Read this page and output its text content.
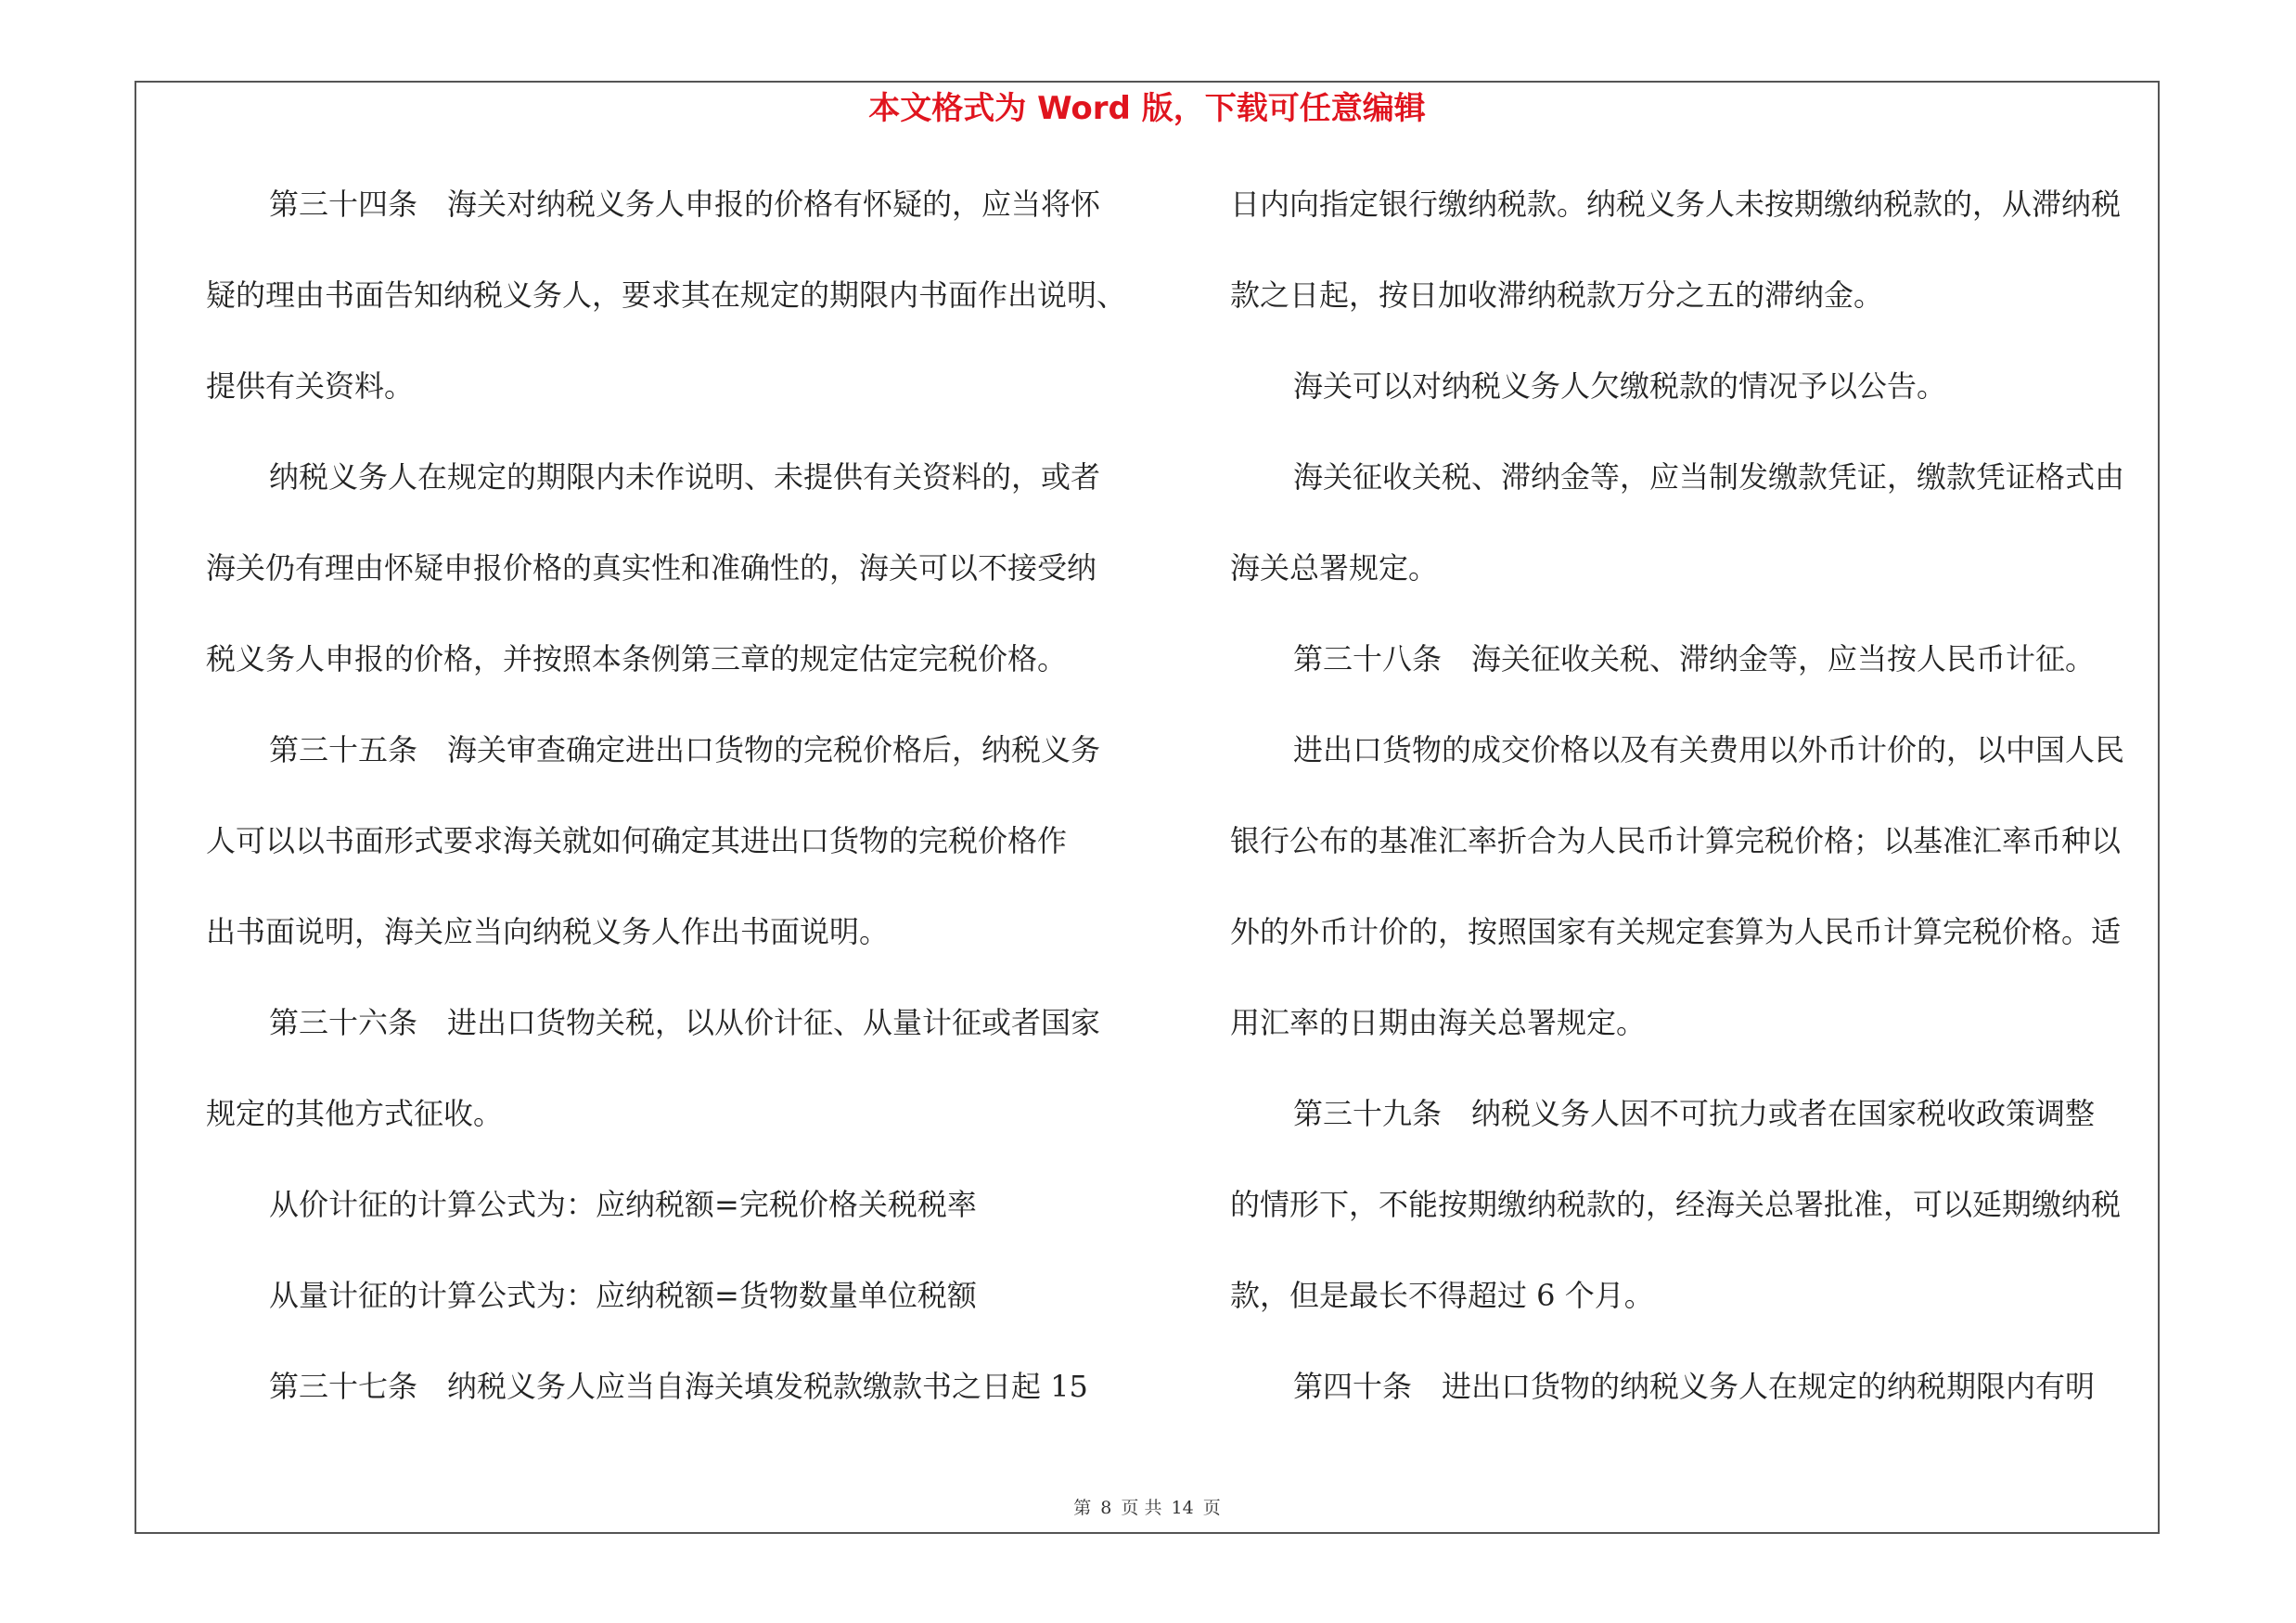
本文格式为 Word 版，下载可任意编辑
第三十四条　海关对纳税义务人申报的价格有怀疑的，应当将怀
疑的理由书面告知纳税义务人，要求其在规定的期限内书面作出说明、
提供有关资料。
纳税义务人在规定的期限内未作说明、未提供有关资料的，或者
海关仍有理由怀疑申报价格的真实性和准确性的，海关可以不接受纳
税义务人申报的价格，并按照本条例第三章的规定估定完税价格。
第三十五条　海关审查确定进出口货物的完税价格后，纳税义务
人可以以书面形式要求海关就如何确定其进出口货物的完税价格作
出书面说明，海关应当向纳税义务人作出书面说明。
第三十六条　进出口货物关税，以从价计征、从量计征或者国家
规定的其他方式征收。
从价计征的计算公式为：应纳税额=完税价格关税税率
从量计征的计算公式为：应纳税额=货物数量单位税额
第三十七条　纳税义务人应当自海关填发税款缴款书之日起 15
日内向指定银行缴纳税款。纳税义务人未按期缴纳税款的，从滞纳税
款之日起，按日加收滞纳税款万分之五的滞纳金。
海关可以对纳税义务人欠缴税款的情况予以公告。
海关征收关税、滞纳金等，应当制发缴款凭证，缴款凭证格式由
海关总署规定。
第三十八条　海关征收关税、滞纳金等，应当按人民币计征。
进出口货物的成交价格以及有关费用以外币计价的，以中国人民
银行公布的基准汇率折合为人民币计算完税价格；以基准汇率币种以
外的外币计价的，按照国家有关规定套算为人民币计算完税价格。适
用汇率的日期由海关总署规定。
第三十九条　纳税义务人因不可抗力或者在国家税收政策调整
的情形下，不能按期缴纳税款的，经海关总署批准，可以延期缴纳税
款，但是最长不得超过 6 个月。
第四十条　进出口货物的纳税义务人在规定的纳税期限内有明
第 8 页 共 14 页
